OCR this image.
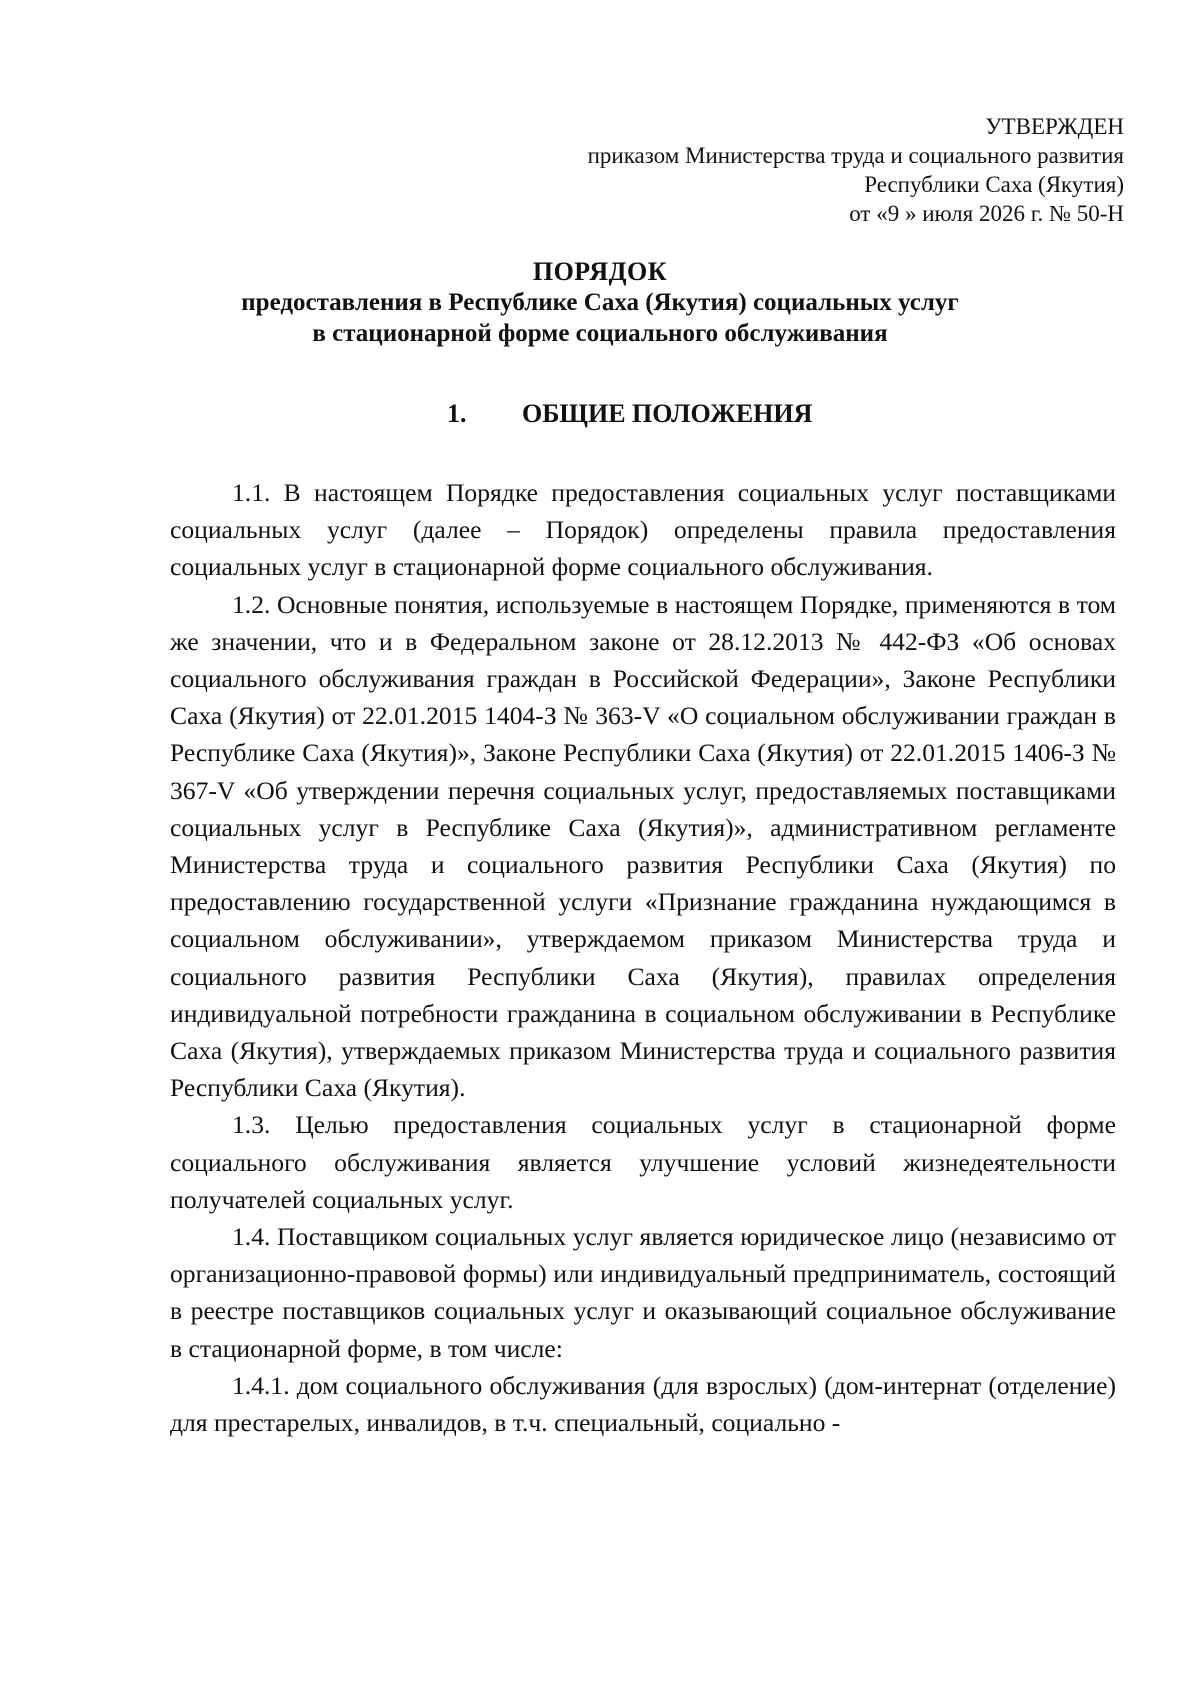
УТВЕРЖДЕН
приказом Министерства труда и социального развития
Республики Саха (Якутия)
от «9 » июля 2026 г. № 50-Н
ПОРЯДОК
предоставления в Республике Саха (Якутия) социальных услуг
в стационарной форме социального обслуживания
1. ОБЩИЕ ПОЛОЖЕНИЯ

1.1. В настоящем Порядке предоставления социальных услуг поставщиками социальных услуг (далее – Порядок) определены правила предоставления социальных услуг в стационарной форме социального обслуживания.

1.2. Основные понятия, используемые в настоящем Порядке, применяются в том же значении, что и в Федеральном законе от 28.12.2013 № 442-ФЗ «Об основах социального обслуживания граждан в Российской Федерации», Законе Республики Саха (Якутия) от 22.01.2015 1404-З № 363-V «О социальном обслуживании граждан в Республике Саха (Якутия)», Законе Республики Саха (Якутия) от 22.01.2015 1406-З № 367-V «Об утверждении перечня социальных услуг, предоставляемых поставщиками социальных услуг в Республике Саха (Якутия)», административном регламенте Министерства труда и социального развития Республики Саха (Якутия) по предоставлению государственной услуги «Признание гражданина нуждающимся в социальном обслуживании», утверждаемом приказом Министерства труда и социального развития Республики Саха (Якутия), правилах определения индивидуальной потребности гражданина в социальном обслуживании в Республике Саха (Якутия), утверждаемых приказом Министерства труда и социального развития Республики Саха (Якутия).

1.3. Целью предоставления социальных услуг в стационарной форме социального обслуживания является улучшение условий жизнедеятельности получателей социальных услуг.

1.4. Поставщиком социальных услуг является юридическое лицо (независимо от организационно-правовой формы) или индивидуальный предприниматель, состоящий в реестре поставщиков социальных услуг и оказывающий социальное обслуживание в стационарной форме, в том числе:

1.4.1. дом социального обслуживания (для взрослых) (дом-интернат (отделение) для престарелых, инвалидов, в т.ч. специальный, социально -
